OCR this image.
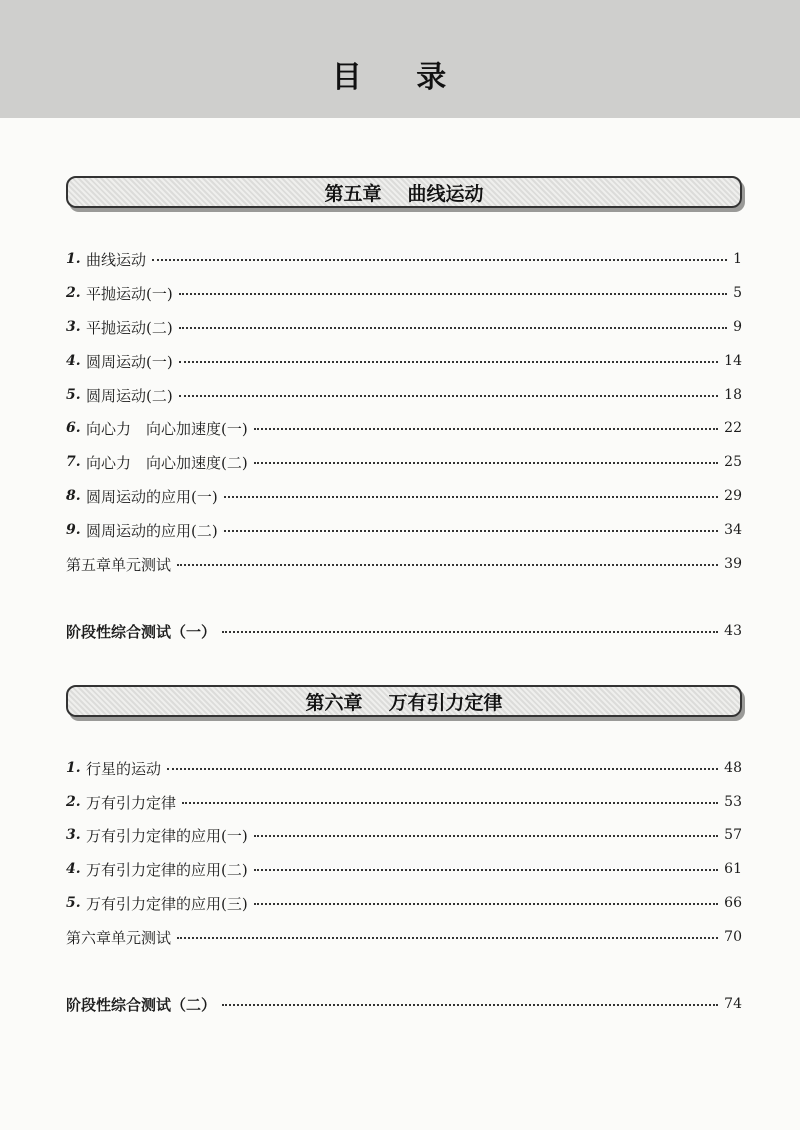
目 录
第五章 曲线运动
1. 曲线运动	1
2. 平抛运动(一)	5
3. 平抛运动(二)	9
4. 圆周运动(一)	14
5. 圆周运动(二)	18
6. 向心力　向心加速度(一)	22
7. 向心力　向心加速度(二)	25
8. 圆周运动的应用(一)	29
9. 圆周运动的应用(二)	34
第五章单元测试	39
阶段性综合测试（一）	43
第六章 万有引力定律
1. 行星的运动	48
2. 万有引力定律	53
3. 万有引力定律的应用(一)	57
4. 万有引力定律的应用(二)	61
5. 万有引力定律的应用(三)	66
第六章单元测试	70
阶段性综合测试（二）	74
